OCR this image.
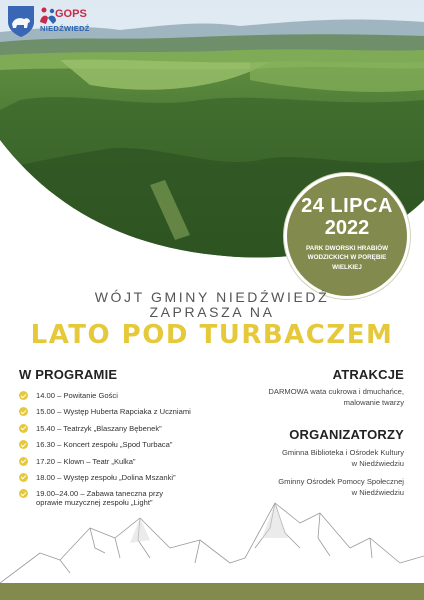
GOPS
NIEDŹWIEDŹ
24 LIPCA
2022
PARK DWORSKI HRABIÓW WODZICKICH W PORĘBIE WIELKIEJ
WÓJT GMINY NIEDŹWIEDŹ
ZAPRASZA NA
LATO POD TURBACZEM
W PROGRAMIE
14.00 – Powitanie Gości
15.00 – Występ Huberta Rapciaka z Uczniami
15.40 – Teatrzyk „Blaszany Bębenek”
16.30 – Koncert zespołu „Spod Turbaca”
17.20 – Klown – Teatr „Kulka”
18.00 – Występ zespołu „Dolina Mszanki”
19.00–24.00 – Zabawa taneczna przy oprawie muzycznej zespołu „Light”
ATRAKCJE

DARMOWA wata cukrowa i dmuchańce, malowanie twarzy

ORGANIZATORZY

Gminna Biblioteka i Ośrodek Kultury w Niedźwiedziu

Gminny Ośrodek Pomocy Społecznej w Niedźwiedziu
